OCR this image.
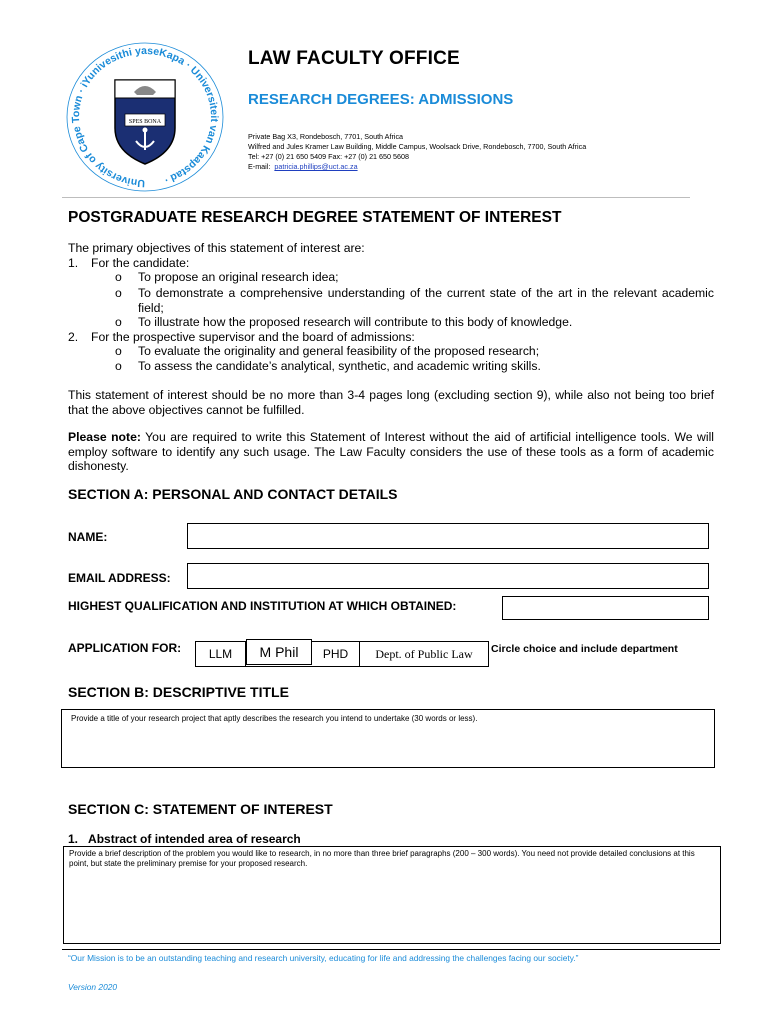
University of Cape Town · iYunivesithi yaseKapa · Universiteit van Kaapstad ·
SPES BONA
LAW FACULTY OFFICE
RESEARCH DEGREES: ADMISSIONS
Private Bag X3, Rondebosch, 7701, South Africa
Wilfred and Jules Kramer Law Building, Middle Campus, Woolsack Drive, Rondebosch, 7700, South Africa
Tel: +27 (0) 21 650 5409 Fax: +27 (0) 21 650 5608
E-mail: patricia.phillips@uct.ac.za
POSTGRADUATE RESEARCH DEGREE STATEMENT OF INTEREST
The primary objectives of this statement of interest are:
1. For the candidate:
o To propose an original research idea;
o To demonstrate a comprehensive understanding of the current state of the art in the relevant academic field;
o To illustrate how the proposed research will contribute to this body of knowledge.
2. For the prospective supervisor and the board of admissions:
o To evaluate the originality and general feasibility of the proposed research;
o To assess the candidate’s analytical, synthetic, and academic writing skills.
This statement of interest should be no more than 3-4 pages long (excluding section 9), while also not being too brief that the above objectives cannot be fulfilled.
Please note: You are required to write this Statement of Interest without the aid of artificial intelligence tools. We will employ software to identify any such usage. The Law Faculty considers the use of these tools as a form of academic dishonesty.
SECTION A: PERSONAL AND CONTACT DETAILS
NAME:
EMAIL ADDRESS:
HIGHEST QUALIFICATION AND INSTITUTION AT WHICH OBTAINED:
APPLICATION FOR:	LLM	M Phil	PHD	Dept. of Public Law	Circle choice and include department
SECTION B: DESCRIPTIVE TITLE
Provide a title of your research project that aptly describes the research you intend to undertake (30 words or less).
SECTION C: STATEMENT OF INTEREST
1. Abstract of intended area of research
Provide a brief description of the problem you would like to research, in no more than three brief paragraphs (200 – 300 words). You need not provide detailed conclusions at this point, but state the preliminary premise for your proposed research.
“Our Mission is to be an outstanding teaching and research university, educating for life and addressing the challenges facing our society.”
Version 2020
